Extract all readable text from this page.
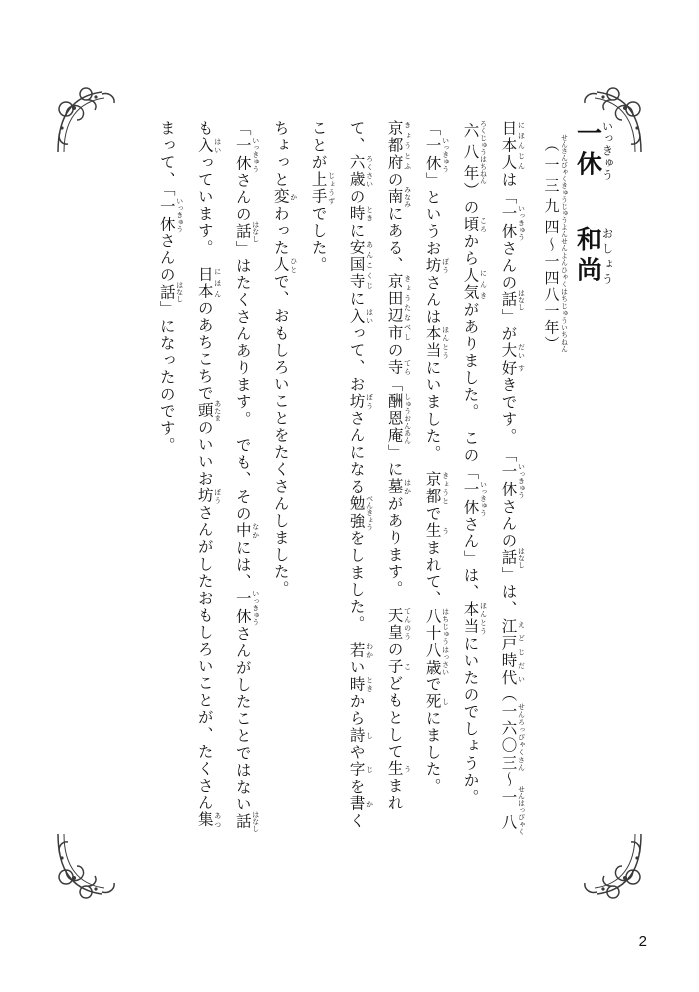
一休いっきゅう 和尚おしょう
（一三九四 せんさんびゃくきゅうじゅうよん～一四八一年） せんよんひゃくはちじゅういちねん
日本人 にほんじんは「一休 いっきゅうさんの話 はなし」が大 だい好 すきです。　「一休 いっきゅうさんの話 はなし」は、江戸時代 えどじだい（一六〇三 せんろっぴゃくさん～一八六八年せんはっぴゃくろくじゅうはちねん）の頃 ころから人気 にんきがありました。　この「一休 いっきゅうさん」は、本当 ほんとうにいたのでしょうか。
「一休 いっきゅう」というお坊 ぼうさんは本当 ほんとうにいました。　京都 きょうとで生 うまれて、八十八歳 はちじゅうはっさいで死 しにました。　京都府 きょうとふの南 みなみにある、京田辺市 きょうたなべしの寺 てら「酬恩庵 しゅうおんあん」に墓 はかがあります。　天皇 てんのうの子 こどもとして生 うまれて、六歳 ろくさいの時 ときに安国寺 あんこくじに入 はいって、お坊 ぼうさんになる勉強 べんきょうをしました。　若 わかい時 ときから詩 しや字 じを書 かくことが上手 じょうずでした。
ちょっと変 かわった人 ひとで、おもしろいことをたくさんしました。
「一休 いっきゅうさんの話 はなし」はたくさんあります。　でも、その中 なかには、一休 いっきゅうさんがしたことではない話 はなしも入 はいっています。　日本 にほんのあちこちで頭 あたまのいいお坊 ぼうさんがしたおもしろいことが、たくさん集 あつまって、「一休 いっきゅうさんの話 はなし」になったのです。
2
